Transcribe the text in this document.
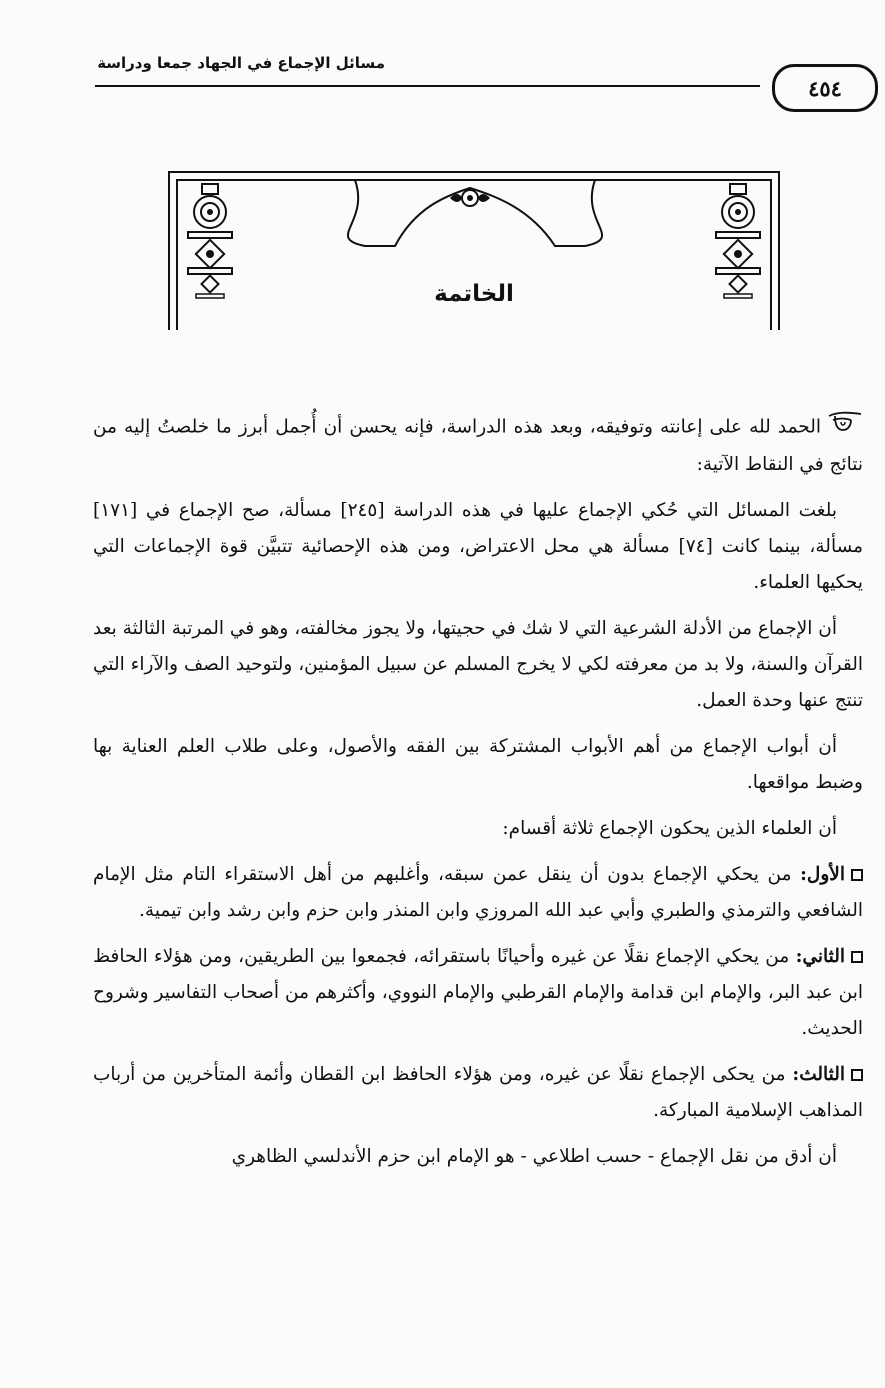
مسائل الإجماع في الجهاد جمعا ودراسة
٤٥٤
الخاتمة

الحمد لله على إعانته وتوفيقه، وبعد هذه الدراسة، فإنه يحسن أن أُجمل أبرز ما خلصتُ إليه من نتائج في النقاط الآتية:

بلغت المسائل التي حُكي الإجماع عليها في هذه الدراسة [٢٤٥] مسألة، صح الإجماع في [١٧١] مسألة، بينما كانت [٧٤] مسألة هي محل الاعتراض، ومن هذه الإحصائية تتبيَّن قوة الإجماعات التي يحكيها العلماء.

أن الإجماع من الأدلة الشرعية التي لا شك في حجيتها، ولا يجوز مخالفته، وهو في المرتبة الثالثة بعد القرآن والسنة، ولا بد من معرفته لكي لا يخرج المسلم عن سبيل المؤمنين، ولتوحيد الصف والآراء التي تنتج عنها وحدة العمل.

أن أبواب الإجماع من أهم الأبواب المشتركة بين الفقه والأصول، وعلى طلاب العلم العناية بها وضبط مواقعها.

أن العلماء الذين يحكون الإجماع ثلاثة أقسام:

الأول: من يحكي الإجماع بدون أن ينقل عمن سبقه، وأغلبهم من أهل الاستقراء التام مثل الإمام الشافعي والترمذي والطبري وأبي عبد الله المروزي وابن المنذر وابن حزم وابن رشد وابن تيمية.

الثاني: من يحكي الإجماع نقلًا عن غيره وأحيانًا باستقرائه، فجمعوا بين الطريقين، ومن هؤلاء الحافظ ابن عبد البر، والإمام ابن قدامة والإمام القرطبي والإمام النووي، وأكثرهم من أصحاب التفاسير وشروح الحديث.

الثالث: من يحكى الإجماع نقلًا عن غيره، ومن هؤلاء الحافظ ابن القطان وأئمة المتأخرين من أرباب المذاهب الإسلامية المباركة.

أن أدق من نقل الإجماع - حسب اطلاعي - هو الإمام ابن حزم الأندلسي الظاهري
